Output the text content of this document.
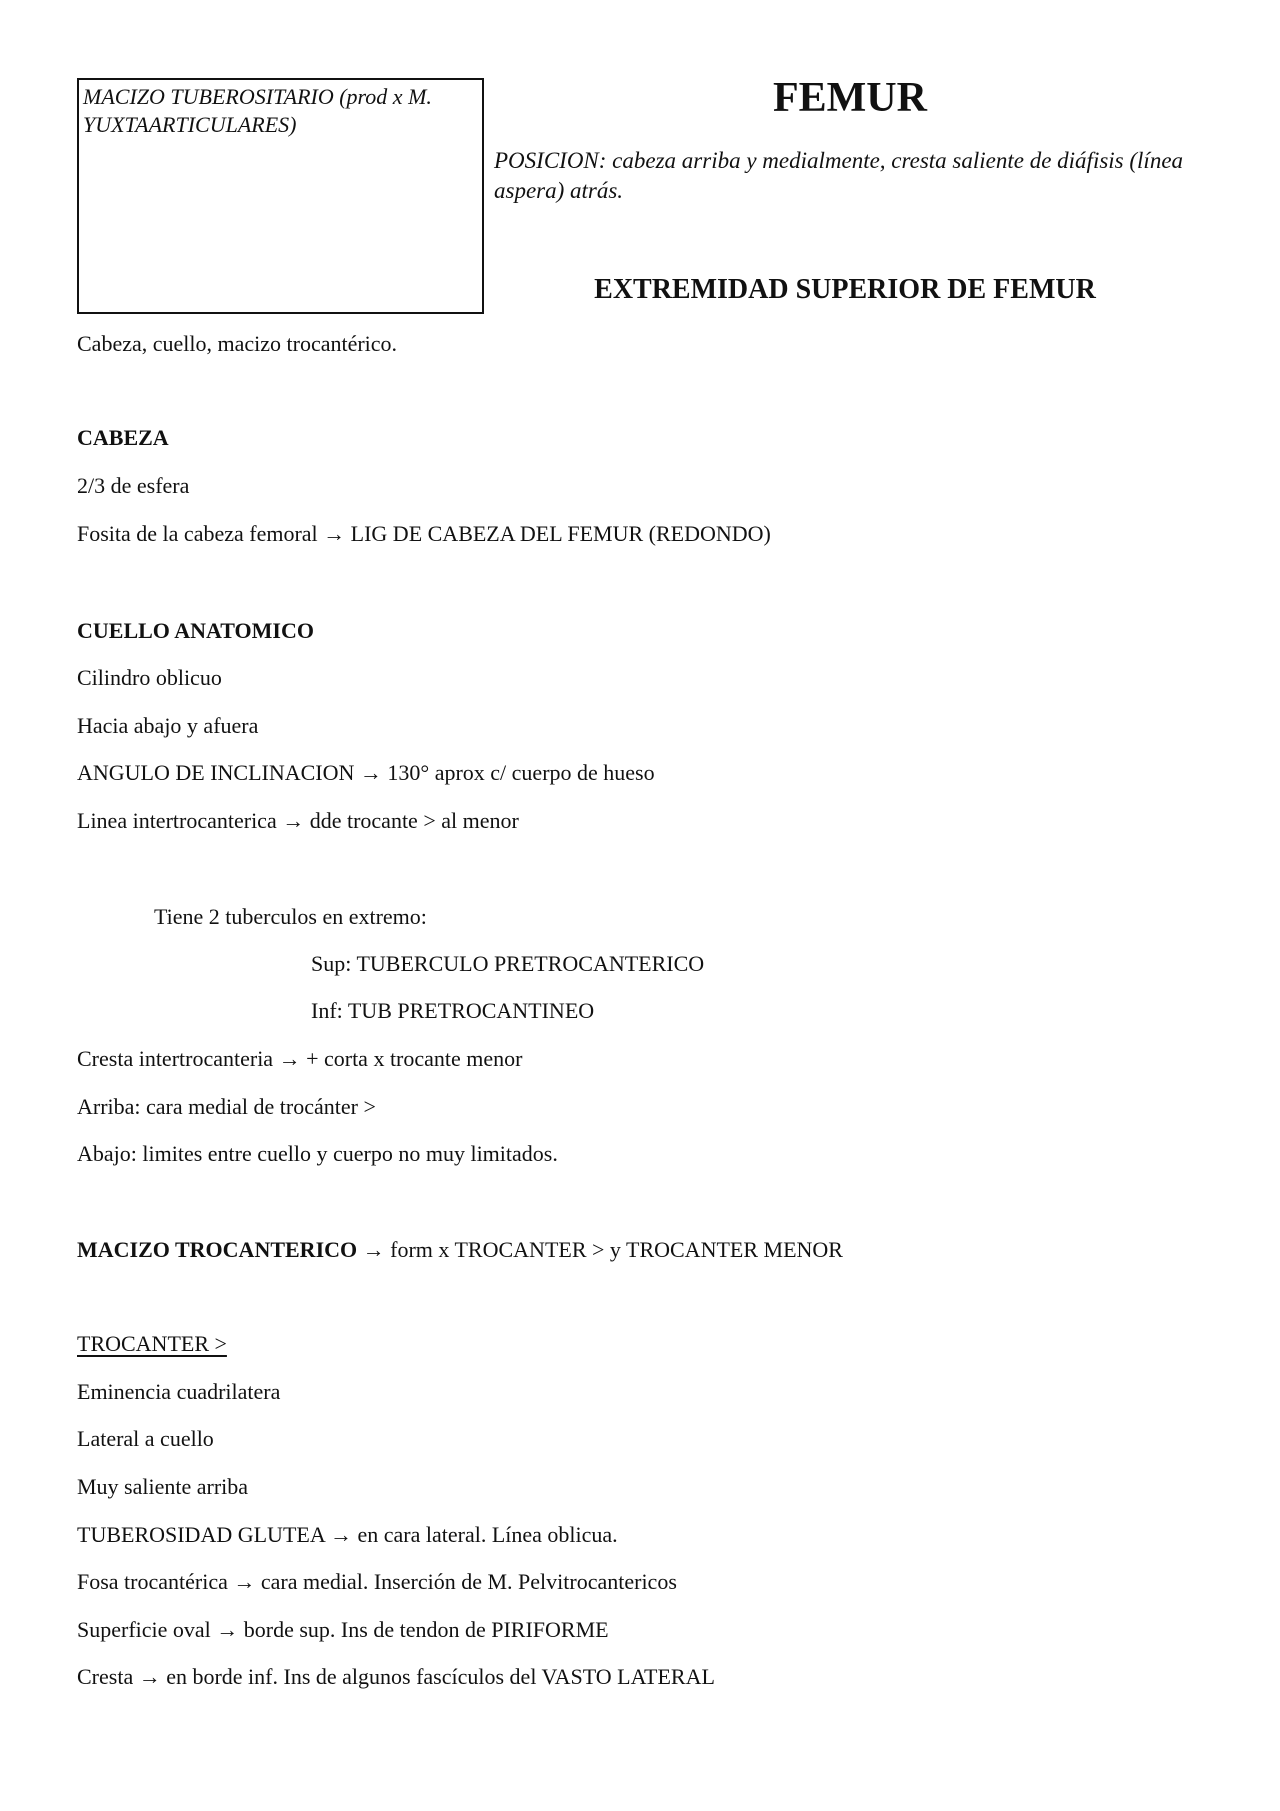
MACIZO TUBEROSITARIO (prod x M. YUXTAARTICULARES)
FEMUR
POSICION: cabeza arriba y medialmente, cresta saliente de diáfisis (línea aspera) atrás.
EXTREMIDAD SUPERIOR DE FEMUR
Cabeza, cuello, macizo trocantérico.
CABEZA
2/3 de esfera
Fosita de la cabeza femoral → LIG DE CABEZA DEL FEMUR (REDONDO)
CUELLO ANATOMICO
Cilindro oblicuo
Hacia abajo y afuera
ANGULO DE INCLINACION → 130° aprox c/ cuerpo de hueso
Linea intertrocanterica → dde trocante > al menor
Tiene 2 tuberculos en extremo:
Sup: TUBERCULO PRETROCANTERICO
Inf: TUB PRETROCANTINEO
Cresta intertrocanteria → + corta x trocante menor
Arriba: cara medial de trocánter >
Abajo: limites entre cuello y cuerpo no muy limitados.
MACIZO TROCANTERICO → form x TROCANTER > y TROCANTER MENOR
TROCANTER >
Eminencia cuadrilatera
Lateral a cuello
Muy saliente arriba
TUBEROSIDAD GLUTEA → en cara lateral. Línea oblicua.
Fosa trocantérica → cara medial. Inserción de M. Pelvitrocantericos
Superficie oval → borde sup. Ins de tendon de PIRIFORME
Cresta → en borde inf. Ins de algunos fascículos del VASTO LATERAL
